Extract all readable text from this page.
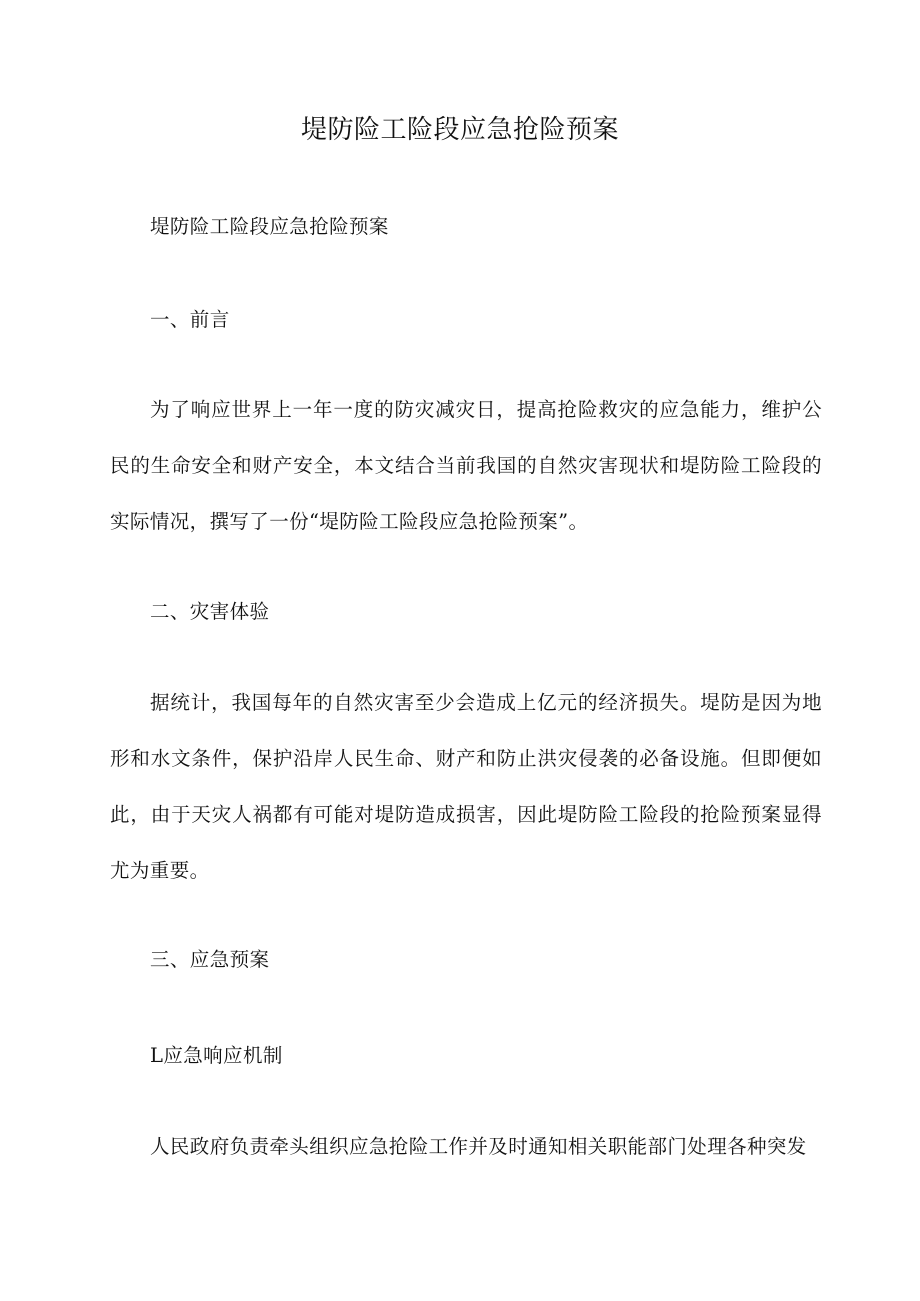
堤防险工险段应急抢险预案

堤防险工险段应急抢险预案

一、前言

为了响应世界上一年一度的防灾减灾日，提高抢险救灾的应急能力，维护公民的生命安全和财产安全，本文结合当前我国的自然灾害现状和堤防险工险段的实际情况，撰写了一份“堤防险工险段应急抢险预案”。

二、灾害体验

据统计，我国每年的自然灾害至少会造成上亿元的经济损失。堤防是因为地形和水文条件，保护沿岸人民生命、财产和防止洪灾侵袭的必备设施。但即便如此，由于天灾人祸都有可能对堤防造成损害，因此堤防险工险段的抢险预案显得尤为重要。

三、应急预案

L应急响应机制

人民政府负责牵头组织应急抢险工作并及时通知相关职能部门处理各种突发
